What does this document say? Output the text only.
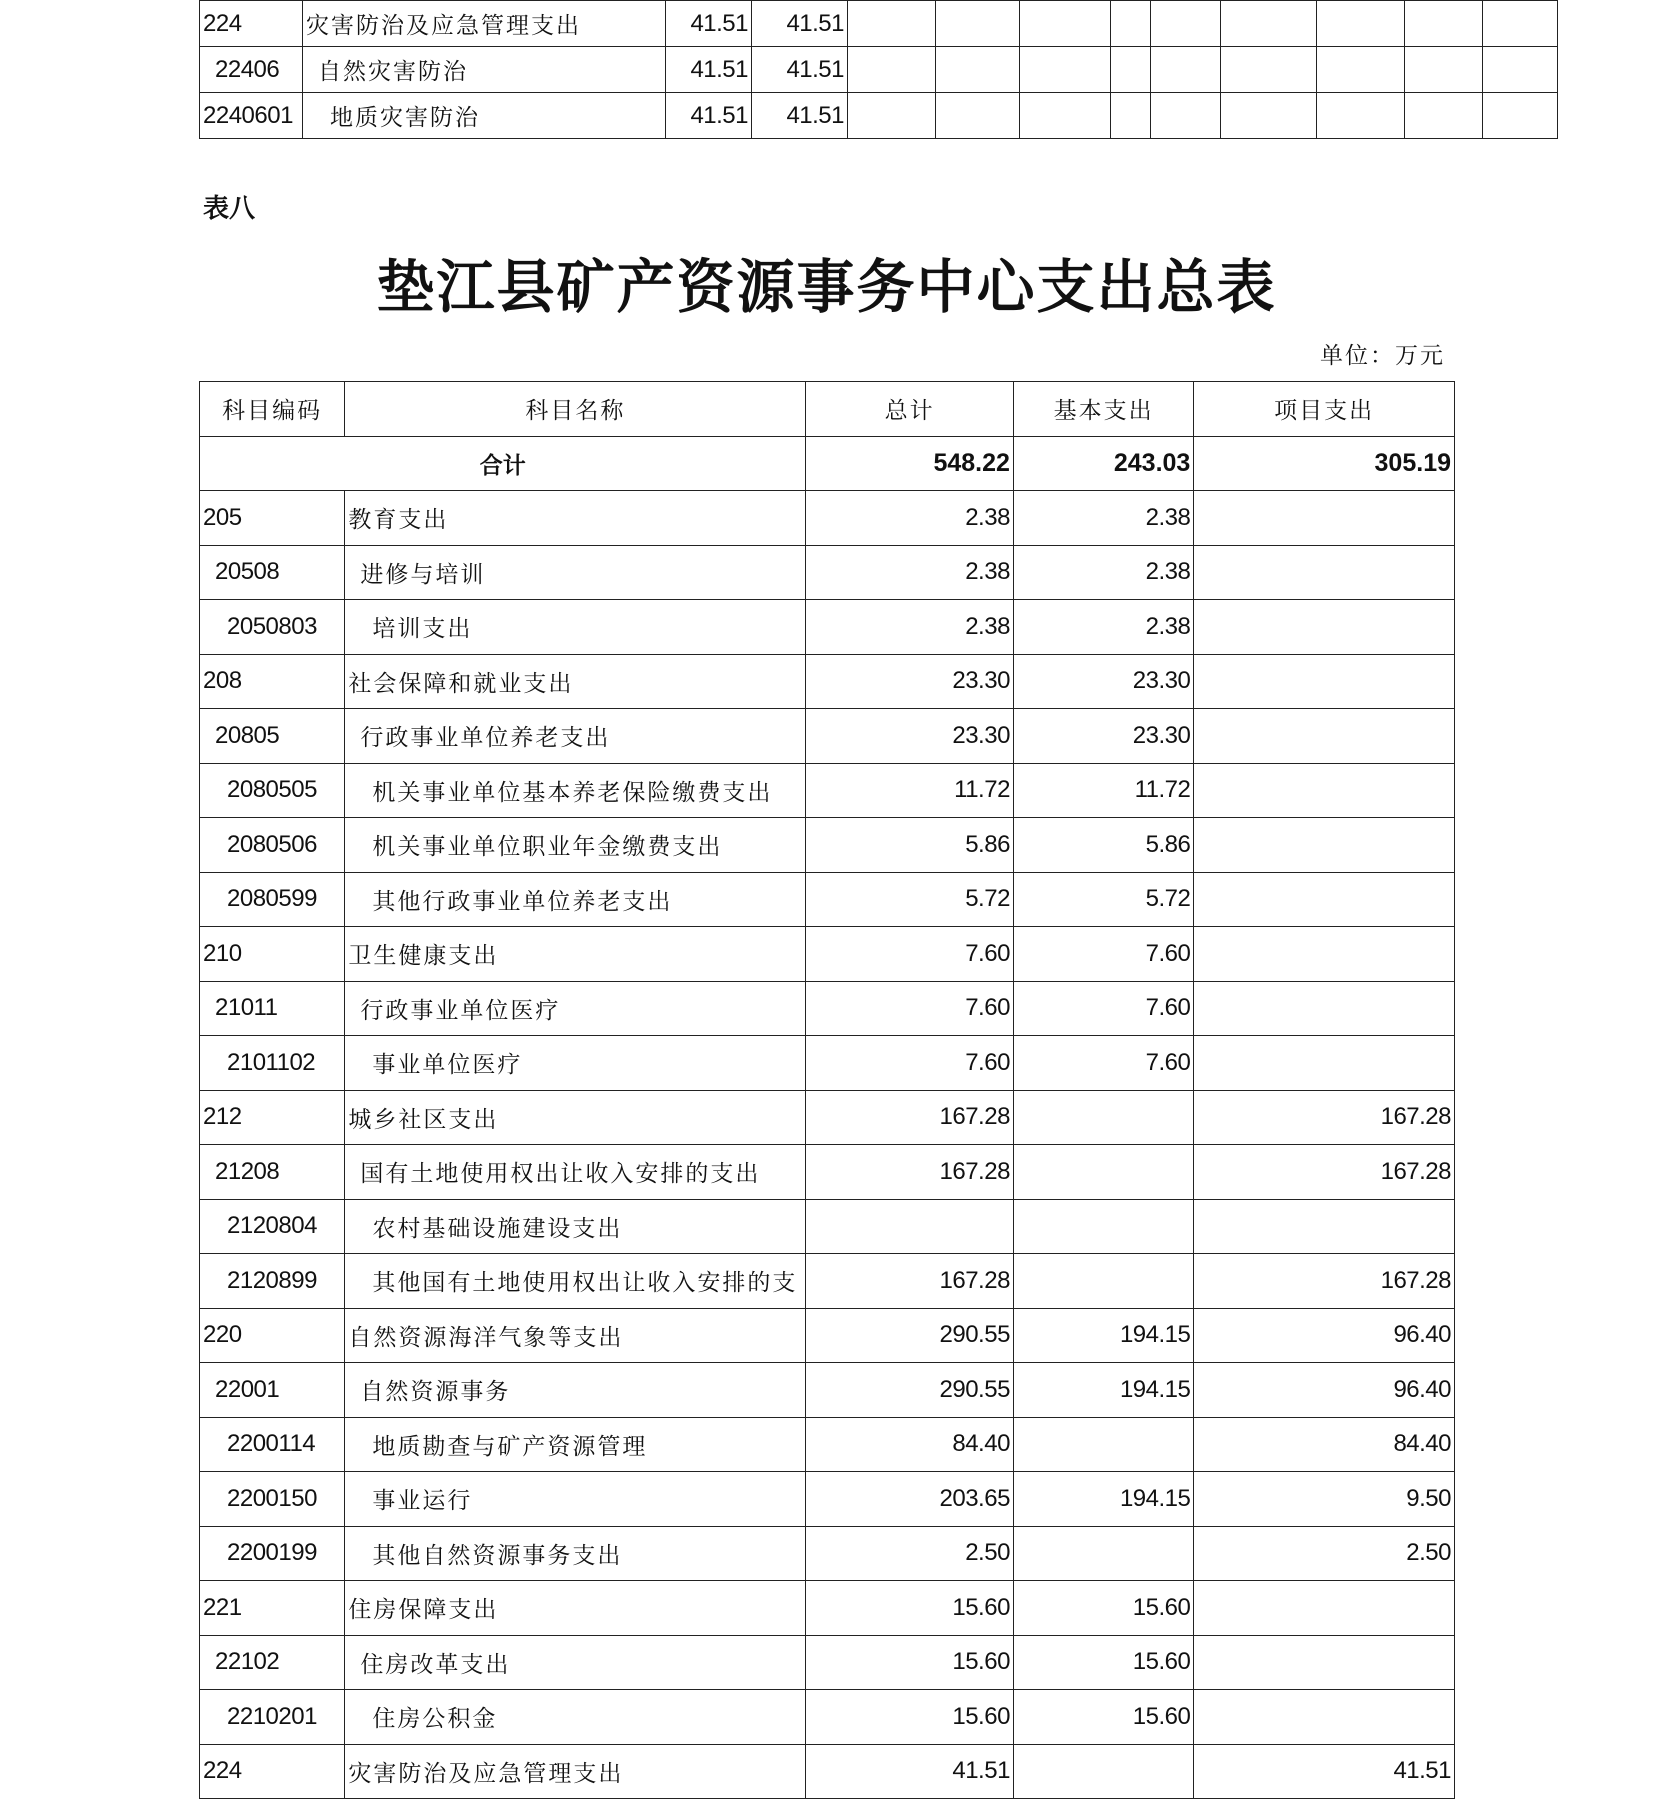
224	灾害防治及应急管理支出	41.51	41.51									
22406	自然灾害防治	41.51	41.51									
2240601	地质灾害防治	41.51	41.51									
表八
垫江县矿产资源事务中心支出总表
单位：万元
科目编码	科目名称	总计	基本支出	项目支出
合计		548.22	243.03	305.19
205	教育支出	2.38	2.38	
20508	进修与培训	2.38	2.38	
2050803	培训支出	2.38	2.38	
208	社会保障和就业支出	23.30	23.30	
20805	行政事业单位养老支出	23.30	23.30	
2080505	机关事业单位基本养老保险缴费支出	11.72	11.72	
2080506	机关事业单位职业年金缴费支出	5.86	5.86	
2080599	其他行政事业单位养老支出	5.72	5.72	
210	卫生健康支出	7.60	7.60	
21011	行政事业单位医疗	7.60	7.60	
2101102	事业单位医疗	7.60	7.60	
212	城乡社区支出	167.28		167.28
21208	国有土地使用权出让收入安排的支出	167.28		167.28
2120804	农村基础设施建设支出			
2120899	其他国有土地使用权出让收入安排的支	167.28		167.28
220	自然资源海洋气象等支出	290.55	194.15	96.40
22001	自然资源事务	290.55	194.15	96.40
2200114	地质勘查与矿产资源管理	84.40		84.40
2200150	事业运行	203.65	194.15	9.50
2200199	其他自然资源事务支出	2.50		2.50
221	住房保障支出	15.60	15.60	
22102	住房改革支出	15.60	15.60	
2210201	住房公积金	15.60	15.60	
224	灾害防治及应急管理支出	41.51		41.51
